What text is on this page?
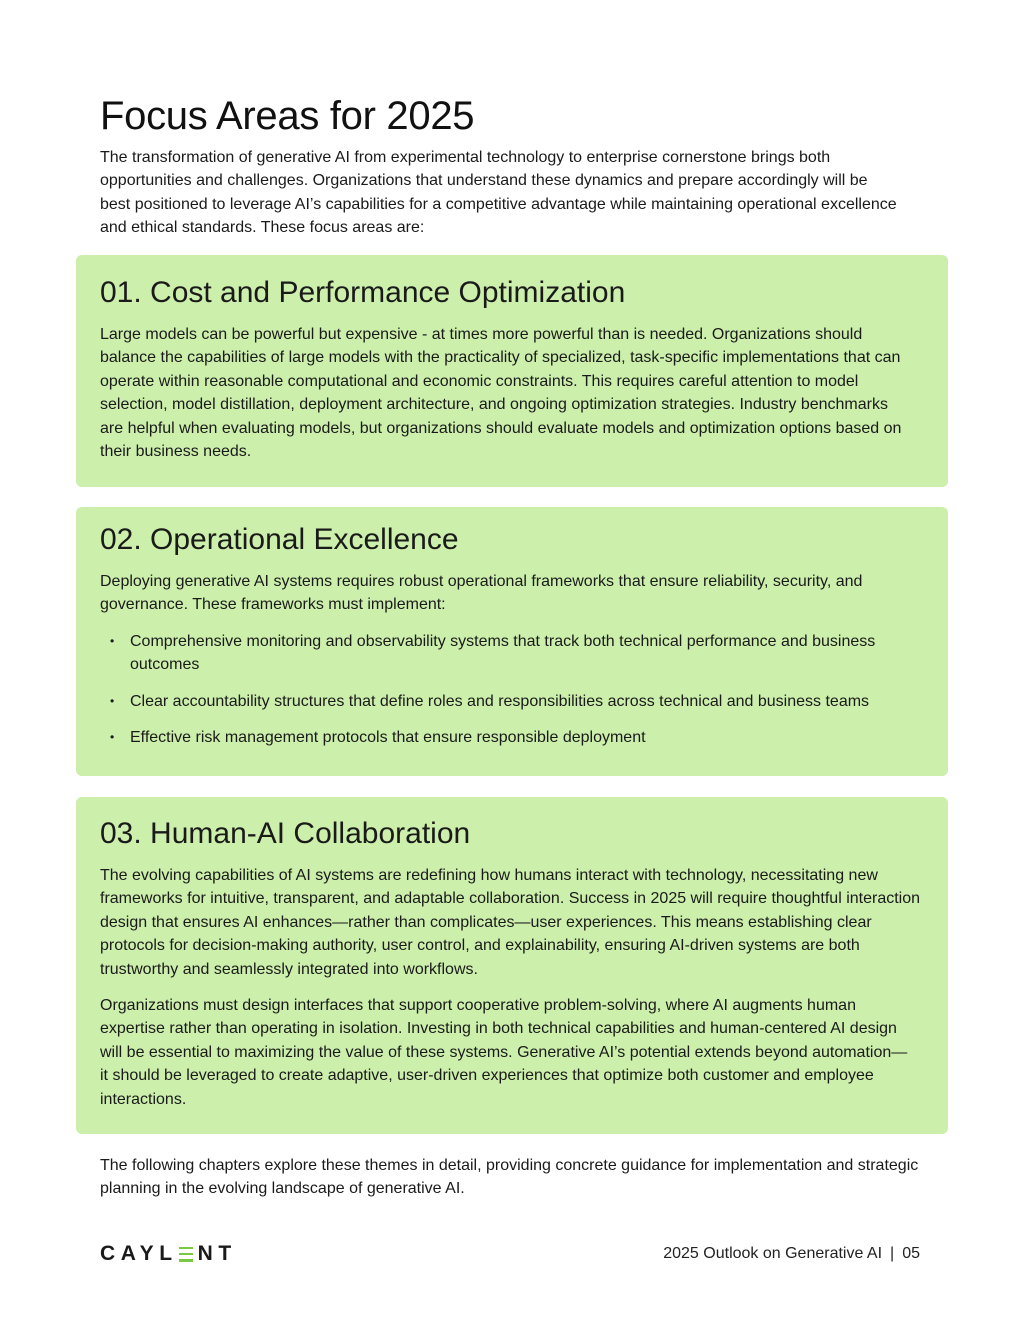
Focus Areas for 2025

The transformation of generative AI from experimental technology to enterprise cornerstone brings both opportunities and challenges. Organizations that understand these dynamics and prepare accordingly will be best positioned to leverage AI’s capabilities for a competitive advantage while maintaining operational excellence and ethical standards. These focus areas are:

01. Cost and Performance Optimization

Large models can be powerful but expensive - at times more powerful than is needed. Organizations should balance the capabilities of large models with the practicality of specialized, task-specific implementations that can operate within reasonable computational and economic constraints. This requires careful attention to model selection, model distillation, deployment architecture, and ongoing optimization strategies. Industry benchmarks are helpful when evaluating models, but organizations should evaluate models and optimization options based on their business needs.

02. Operational Excellence

Deploying generative AI systems requires robust operational frameworks that ensure reliability, security, and governance. These frameworks must implement:

• Comprehensive monitoring and observability systems that track both technical performance and business outcomes
• Clear accountability structures that define roles and responsibilities across technical and business teams
• Effective risk management protocols that ensure responsible deployment
03. Human-AI Collaboration

The evolving capabilities of AI systems are redefining how humans interact with technology, necessitating new frameworks for intuitive, transparent, and adaptable collaboration. Success in 2025 will require thoughtful interaction design that ensures AI enhances—rather than complicates—user experiences. This means establishing clear protocols for decision-making authority, user control, and explainability, ensuring AI-driven systems are both trustworthy and seamlessly integrated into workflows.

Organizations must design interfaces that support cooperative problem-solving, where AI augments human expertise rather than operating in isolation. Investing in both technical capabilities and human-centered AI design will be essential to maximizing the value of these systems. Generative AI’s potential extends beyond automation—it should be leveraged to create adaptive, user-driven experiences that optimize both customer and employee interactions.

The following chapters explore these themes in detail, providing concrete guidance for implementation and strategic planning in the evolving landscape of generative AI.

CAYL NT	2025 Outlook on Generative AI | 05
